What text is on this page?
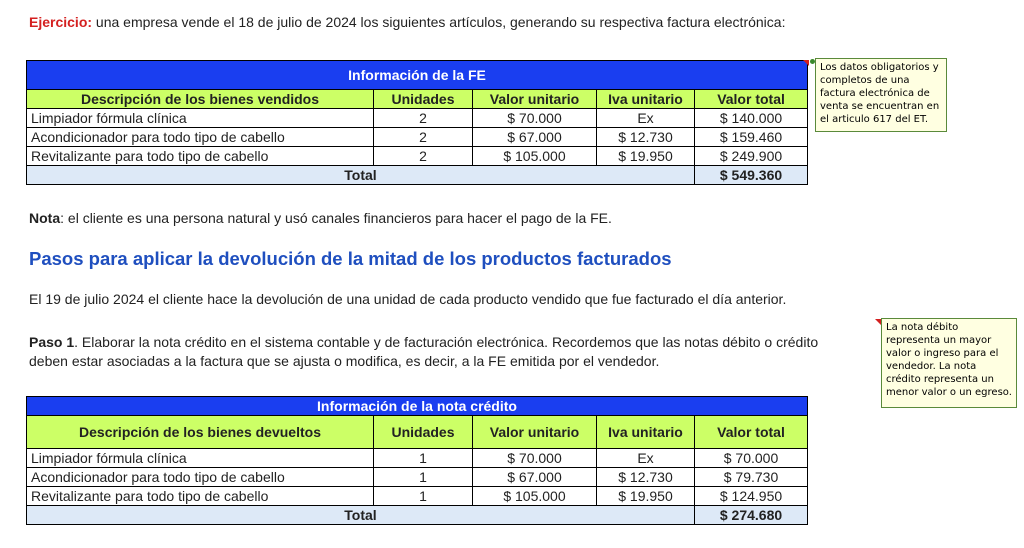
Ejercicio: una empresa vende el 18 de julio de 2024 los siguientes artículos, generando su respectiva factura electrónica:
Información de la FE				
Descripción de los bienes vendidos	Unidades	Valor unitario	Iva unitario	Valor total
Limpiador fórmula clínica	2	$ 70.000	Ex	$ 140.000
Acondicionador para todo tipo de cabello	2	$ 67.000	$ 12.730	$ 159.460
Revitalizante para todo tipo de cabello	2	$ 105.000	$ 19.950	$ 249.900
Total				$ 549.360
Los datos obligatorios y completos de una factura electrónica de venta se encuentran en el articulo 617 del ET.
Nota: el cliente es una persona natural y usó canales financieros para hacer el pago de la FE.
Pasos para aplicar la devolución de la mitad de los productos facturados
El 19 de julio 2024 el cliente hace la devolución de una unidad de cada producto vendido que fue facturado el día anterior.
Paso 1. Elaborar la nota crédito en el sistema contable y de facturación electrónica. Recordemos que las notas débito o crédito
deben estar asociadas a la factura que se ajusta o modifica, es decir, a la FE emitida por el vendedor.
La nota débito representa un mayor valor o ingreso para el vendedor. La nota crédito representa un menor valor o un egreso.
Información de la nota crédito				
Descripción de los bienes devueltos	Unidades	Valor unitario	Iva unitario	Valor total
Limpiador fórmula clínica	1	$ 70.000	Ex	$ 70.000
Acondicionador para todo tipo de cabello	1	$ 67.000	$ 12.730	$ 79.730
Revitalizante para todo tipo de cabello	1	$ 105.000	$ 19.950	$ 124.950
Total				$ 274.680
